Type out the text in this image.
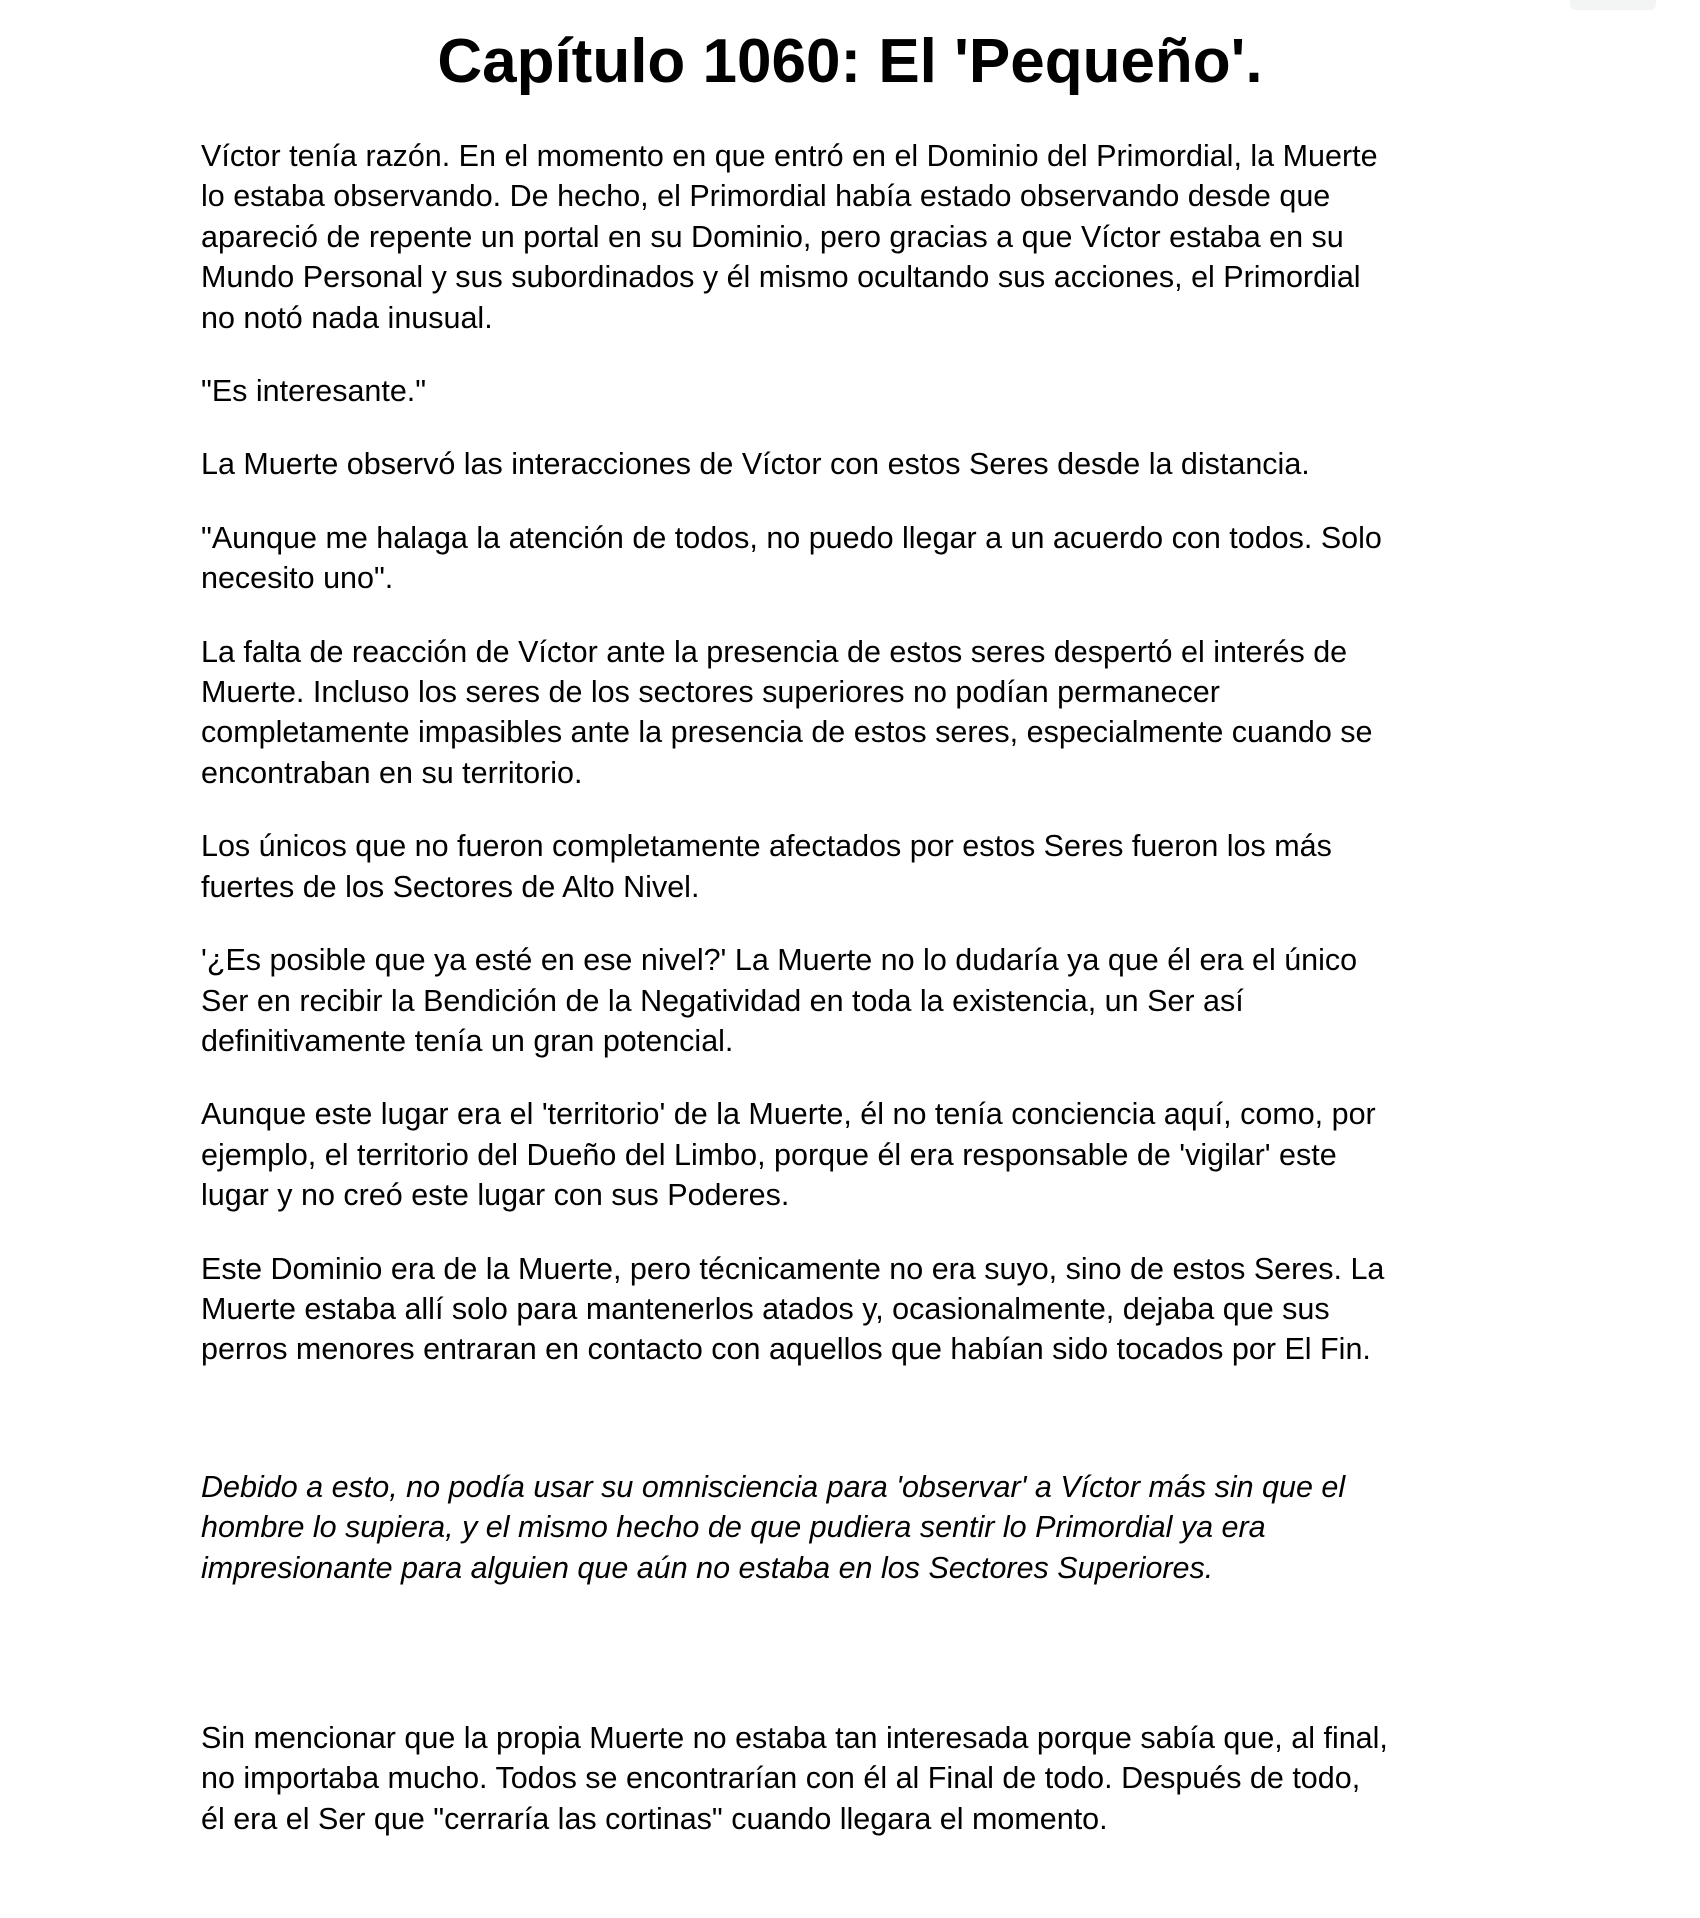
Capítulo 1060: El 'Pequeño'.

Víctor tenía razón. En el momento en que entró en el Dominio del Primordial, la Muerte
lo estaba observando. De hecho, el Primordial había estado observando desde que
apareció de repente un portal en su Dominio, pero gracias a que Víctor estaba en su
Mundo Personal y sus subordinados y él mismo ocultando sus acciones, el Primordial
no notó nada inusual.

"Es interesante."

La Muerte observó las interacciones de Víctor con estos Seres desde la distancia.

"Aunque me halaga la atención de todos, no puedo llegar a un acuerdo con todos. Solo
necesito uno".

La falta de reacción de Víctor ante la presencia de estos seres despertó el interés de
Muerte. Incluso los seres de los sectores superiores no podían permanecer
completamente impasibles ante la presencia de estos seres, especialmente cuando se
encontraban en su territorio.

Los únicos que no fueron completamente afectados por estos Seres fueron los más
fuertes de los Sectores de Alto Nivel.

'¿Es posible que ya esté en ese nivel?' La Muerte no lo dudaría ya que él era el único
Ser en recibir la Bendición de la Negatividad en toda la existencia, un Ser así
definitivamente tenía un gran potencial.

Aunque este lugar era el 'territorio' de la Muerte, él no tenía conciencia aquí, como, por
ejemplo, el territorio del Dueño del Limbo, porque él era responsable de 'vigilar' este
lugar y no creó este lugar con sus Poderes.

Este Dominio era de la Muerte, pero técnicamente no era suyo, sino de estos Seres. La
Muerte estaba allí solo para mantenerlos atados y, ocasionalmente, dejaba que sus
perros menores entraran en contacto con aquellos que habían sido tocados por El Fin.

Debido a esto, no podía usar su omnisciencia para 'observar' a Víctor más sin que el
hombre lo supiera, y el mismo hecho de que pudiera sentir lo Primordial ya era
impresionante para alguien que aún no estaba en los Sectores Superiores.

Sin mencionar que la propia Muerte no estaba tan interesada porque sabía que, al final,
no importaba mucho. Todos se encontrarían con él al Final de todo. Después de todo,
él era el Ser que "cerraría las cortinas" cuando llegara el momento.
